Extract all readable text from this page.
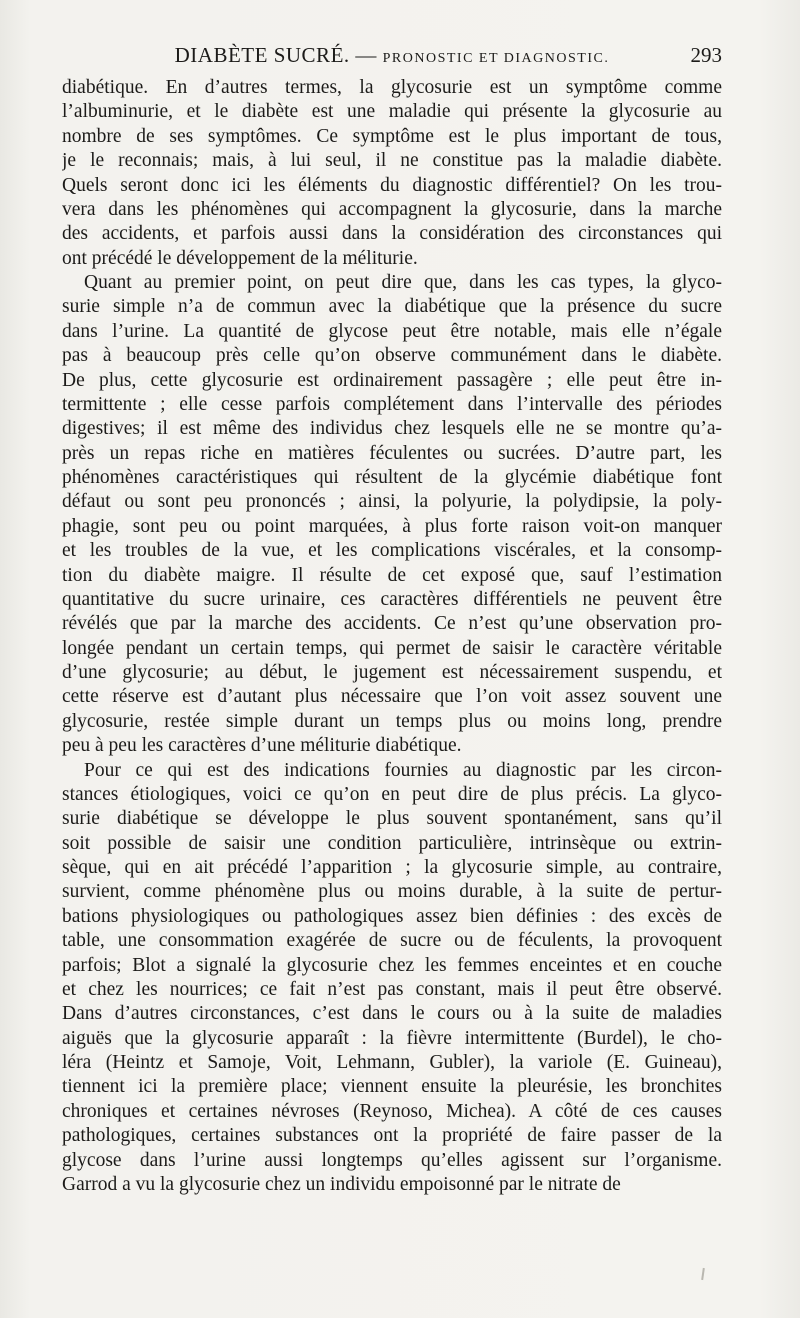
DIABÈTE SUCRÉ. — PRONOSTIC ET DIAGNOSTIC.	293
diabétique. En d’autres termes, la glycosurie est un symptôme comme
l’albuminurie, et le diabète est une maladie qui présente la glycosurie au
nombre de ses symptômes. Ce symptôme est le plus important de tous,
je le reconnais; mais, à lui seul, il ne constitue pas la maladie diabète.
Quels seront donc ici les éléments du diagnostic différentiel? On les trou-
vera dans les phénomènes qui accompagnent la glycosurie, dans la marche
des accidents, et parfois aussi dans la considération des circonstances qui
ont précédé le développement de la méliturie.
Quant au premier point, on peut dire que, dans les cas types, la glyco-
surie simple n’a de commun avec la diabétique que la présence du sucre
dans l’urine. La quantité de glycose peut être notable, mais elle n’égale
pas à beaucoup près celle qu’on observe communément dans le diabète.
De plus, cette glycosurie est ordinairement passagère ; elle peut être in-
termittente ; elle cesse parfois complétement dans l’intervalle des périodes
digestives; il est même des individus chez lesquels elle ne se montre qu’a-
près un repas riche en matières féculentes ou sucrées. D’autre part, les
phénomènes caractéristiques qui résultent de la glycémie diabétique font
défaut ou sont peu prononcés ; ainsi, la polyurie, la polydipsie, la poly-
phagie, sont peu ou point marquées, à plus forte raison voit-on manquer
et les troubles de la vue, et les complications viscérales, et la consomp-
tion du diabète maigre. Il résulte de cet exposé que, sauf l’estimation
quantitative du sucre urinaire, ces caractères différentiels ne peuvent être
révélés que par la marche des accidents. Ce n’est qu’une observation pro-
longée pendant un certain temps, qui permet de saisir le caractère véritable
d’une glycosurie; au début, le jugement est nécessairement suspendu, et
cette réserve est d’autant plus nécessaire que l’on voit assez souvent une
glycosurie, restée simple durant un temps plus ou moins long, prendre
peu à peu les caractères d’une méliturie diabétique.
Pour ce qui est des indications fournies au diagnostic par les circon-
stances étiologiques, voici ce qu’on en peut dire de plus précis. La glyco-
surie diabétique se développe le plus souvent spontanément, sans qu’il
soit possible de saisir une condition particulière, intrinsèque ou extrin-
sèque, qui en ait précédé l’apparition ; la glycosurie simple, au contraire,
survient, comme phénomène plus ou moins durable, à la suite de pertur-
bations physiologiques ou pathologiques assez bien définies : des excès de
table, une consommation exagérée de sucre ou de féculents, la provoquent
parfois; Blot a signalé la glycosurie chez les femmes enceintes et en couche
et chez les nourrices; ce fait n’est pas constant, mais il peut être observé.
Dans d’autres circonstances, c’est dans le cours ou à la suite de maladies
aiguës que la glycosurie apparaît : la fièvre intermittente (Burdel), le cho-
léra (Heintz et Samoje, Voit, Lehmann, Gubler), la variole (E. Guineau),
tiennent ici la première place; viennent ensuite la pleurésie, les bronchites
chroniques et certaines névroses (Reynoso, Michea). A côté de ces causes
pathologiques, certaines substances ont la propriété de faire passer de la
glycose dans l’urine aussi longtemps qu’elles agissent sur l’organisme.
Garrod a vu la glycosurie chez un individu empoisonné par le nitrate de
